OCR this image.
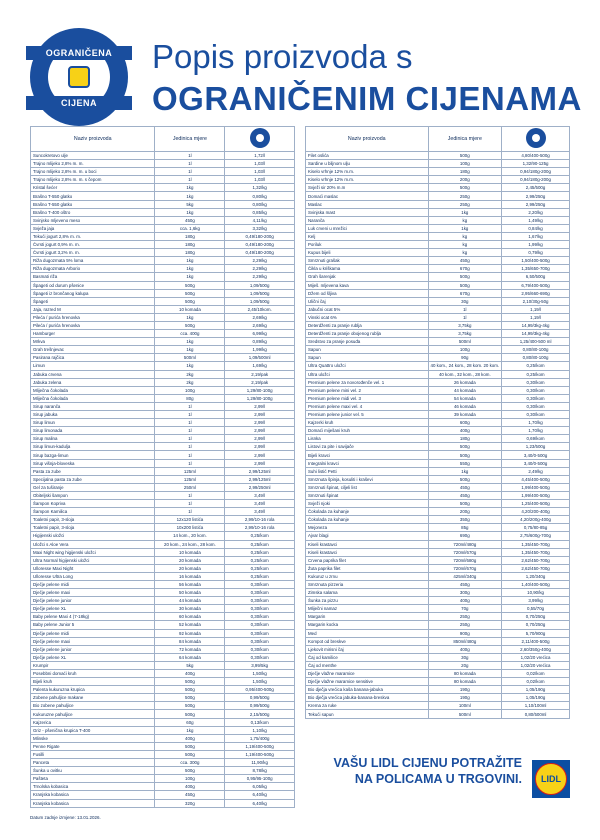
OGRANIČENA
CIJENA
Popis proizvoda s
OGRANIČENIM CIJENAMA
Naziv proizvoda	Jedinica mjere	
Suncokretovo ulje	1l	1,72/l
Trajno mlijeko 2,8% m. m.	1l	1,03/l
Trajno mlijeko 2,8% m. m. u boci	1l	1,03/l
Trajno mlijeko 2,8% m. m. s čepom	1l	1,03/l
Kristal šećer	1kg	1,32/kg
Brašno T-550 glatko	1kg	0,80/kg
Brašno T-550 glatko	5kg	0,80/kg
Brašno T-400 oštro	1kg	0,85/kg
Svinjsko mljeveno meso	450g	4,11/kg
Svježa jaja	cca. 1,6kg	3,32/kg
Tekući jogurt 2,8% m. m.	180g	0,49/180-200g
Čvrsti jogurt 0,9% m. m.	180g	0,49/180-200g
Čvrsti jogurt 3,2% m. m.	180g	0,49/180-200g
Riža dugozrnata 5% loma	1kg	2,29/kg
Riža dugozrnata Arborio	1kg	2,29/kg
Basmati riža	1kg	2,29/kg
Špageti od durum pšenice	500g	1,09/500g
Špageti iz brončanog kalupa	500g	1,09/500g
Špageti	500g	1,09/500g
Jaja, razred M	10 komada	2,45/10kom.
Pileća / purića hrenovka	1kg	2,69/kg
Pileća / purića hrenovka	500g	2,69/kg
Hamburger	cca. 400g	6,99/kg
Mrkva	1kg	0,89/kg
Grah trešnjevac	1kg	1,99/kg
Pasirana rajčica	500ml	1,09/500ml
Limun	1kg	1,69/kg
Jabuka crvena	2kg	2,19/pak
Jabuka zelena	2kg	2,19/pak
Mliječna čokolada	100g	1,29/80-100g
Mliječna čokolada	80g	1,29/80-100g
Sirup naranča	1l	2,99/l
Sirup jabuka	1l	2,99/l
Sirup limun	1l	2,99/l
Sirup limonada	1l	2,99/l
Sirup malina	1l	2,99/l
Sirup limun-kadulja	1l	2,99/l
Sirup bazga-limun	1l	2,99/l
Sirup višnja-bloveska	1l	2,99/l
Pasta za zube	125ml	2,99/125ml
Specijalna pasta za zube	125ml	2,99/125ml
Gel za tuširanje	250ml	2,99/250ml
Obiteljski šampon	1l	3,49/l
Šampon Kopriva	1l	3,49/l
Šampon Kamilica	1l	3,49/l
Toaletni papir, 3-sloja	12x120 listića	2,99/10-16 rola
Toaletni papir, 3-sloja	10x200 listića	2,99/10-16 rola
Higijenski uložci	14 kom., 20 kom.	0,25/kom
Uložci s Aloe Vera	20 kom., 24 kom., 28 kom.	0,25/kom
Maxi Night wing higijenski uložci	10 komada	0,25/kom
Ultra Normal higijenski uložci	20 komada	0,25/kom
Ulloresse Maxi Night	20 komada	0,25/kom
Ulloresse Ultra Long	16 komada	0,25/kom
Dječje pelene midi	56 komada	0,30/kom
Dječje pelene maxi	50 komada	0,30/kom
Dječje pelene junior	44 komada	0,30/kom
Dječje pelene XL	30 komada	0,30/kom
Baby pelene Maxi 4 (7-18kg)	60 komada	0,30/kom
Baby pelene Junior 5	52 komada	0,30/kom
Dječje pelene midi	92 komada	0,30/kom
Dječje pelene maxi	84 komada	0,30/kom
Dječje pelene junior	72 komada	0,30/kom
Dječje pelene XL	64 komada	0,30/kom
Krumpir	5kg	3,99/5kg
Posebbni domaći kruh	400g	1,50/kg
Bijeli kruh	500g	1,50/kg
Palenta kukuruzna krupica	500g	0,95/400-500g
Zobene pahuljice makane	500g	0,99/500g
Bio zobene pahuljice	500g	0,99/500g
Kukuruzne pahuljice	500g	2,15/500g
Kajzerica	60g	0,13/kom
Griz - pšenična krupica T-400	1kg	1,10/kg
Mlinske	400g	1,75/400g
Penne Rigate	500g	1,19/400-500g
Fusilli	500g	1,19/400-500g
Panceta	cca. 300g	11,90/kg
Šunka u ovitku	500g	8,78/kg
Pašteta	100g	0,95/95-100g
Trnolska kobasica	400g	6,05/kg
Kranjska kobasica	450g	6,40/kg
Kranjska kobasica	320g	6,40/kg
Naziv proizvoda	Jedinica mjere	
Filet oslića	500g	4,80/400-500g
Sardine u biljnom ulju	100g	1,32/90-125g
Kiselo vrhnje 12% m.m.	180g	0,94/180g-200g
Kiselo vrhnje 12% m.m.	200g	0,94/180g-200g
Svježi sir 20% m.m	500g	2,45/500g
Domaći maslac	250g	2,99/250g
Maslac	250g	2,99/250g
Svinjska mast	1kg	2,20/kg
Naranča	kg	1,49/kg
Luk crveni u mrežici	1kg	0,84/kg
Kelj	kg	1,67/kg
Poriluk	kg	1,99/kg
Kupus bijeli	kg	0,79/kg
Smrznuti grašak	450g	1,50/400-500g
Čikla u kriškama	670g	1,35/650-700g
Grah šarenjak	500g	6,50/500g
Miješ. mljevena kava	500g	6,79/400-500g
Džem od šljiva	670g	2,95/660-690g
Ulični čaj	30g	2,10/30g-50g
Jabučni ocat 5%	1l	1,19/l
Vinski ocat 6%	1l	1,19/l
Deterdženti za pranje rublja	3,75kg	14,99/3kg-4kg
Deterdženti za pranje obojenog rublja	3,75kg	14,99/3kg-4kg
Sredstvo za pranje posuđa	500ml	1,25/400-500 ml
Sapun	100g	0,80/80-100g
Sapun	90g	0,80/80-100g
Ultra Quattro uložci	40 kom., 24 kom., 28 kom. 20 kom.	0,25/kom
Ultra uložci	40 kom., 32 kom., 28 kom.	0,25/kom
Premium pelene za novorođenče vel. 1	26 komada	0,30/kom
Premium pelene mini vel. 2	44 komada	0,30/kom
Premium pelene midi vel. 3	54 komada	0,30/kom
Premium pelene maxi vel. 4	46 komada	0,30/kom
Premium pelene junior vel. 5	39 komada	0,30/kom
Kajzerki kruh	600g	1,70/kg
Domaći miješani kruh	400g	1,70/kg
Lisnka	180g	0,69/kom
Listovi za pite i savijače	500g	1,23/500g
Bijeli kravci	500g	3,40/0-500g
Integralni kravci	550g	3,40/0-500g
Suhi listić Petti	1kg	2,49/kg
Smrznuta špinja, kosuliti i kraševi	500g	4,45/400-500g
Smrznuti špinat, ciljeli list	450g	1,99/400-500g
Smrznuti špinat	450g	1,99/400-500g
Svježi njoki	500g	1,25/400-500g
Čokolada za kuhanje	200g	4,20/200-400g
Čokolada za kuhanje	350g	4,20/200g-400g
Mejoneza	85g	0,75/80-85g
Ajvar blagi	690g	2,75/600g-700g
Kiseli krastavci	720ml/480g	1,35/450-700g
Kiseli krastavci	720ml/670g	1,35/450-700g
Crvena paprika filet	720ml/680g	2,62/450-700g
Žuta paprika filet	720ml/670g	2,62/450-700g
Kukuruz u zrnu	425ml/340g	1,20/340g
Smrznuta pizzeria	450g	1,40/400-500g
Zimska salama	300g	10,90/kg
Šunka za pizzu	400g	3,99/kg
Mliječni namaz	70g	0,55/70g
Margarin	250g	0,70/250g
Margarin kocka	250g	0,70/250g
Med	900g	5,70/900g
Kompot od breskve	850ml/480g	2,11/400-500g
Ljekovit mirisni čaj	400g	2,60/350g-400g
Čaj od kamilice	30g	1,02/20 vrećica
Čaj od menthe	20g	1,02/20 vrećica
Dječje vlažne maramice	80 komada	0,02/kom
Dječje vlažne maramice sensitive	80 komada	0,02/kom
Bio dječja vrećica kaša banana-jabuka	190g	1,05/190g
Bio dječja vrećica jabuka-banana-breskva	190g	1,05/190g
Krema za ruke	100ml	1,10/100ml
Tekući sapun	500ml	0,80/500ml
VAŠU LIDL CIJENU POTRAŽITE
NA POLICAMA U TRGOVINI.	LIDL
Datum zadnje izmjene: 13.01.2026.
